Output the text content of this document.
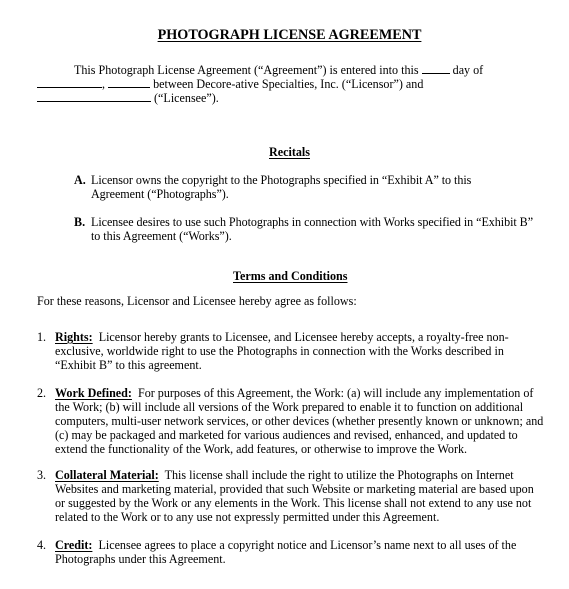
PHOTOGRAPH LICENSE AGREEMENT
This Photograph License Agreement (“Agreement”) is entered into this	day of
,	between Decore-ative Specialties, Inc. (“Licensor”) and
(“Licensee”).
Recitals
A. Licensor owns the copyright to the Photographs specified in “Exhibit A” to this
Agreement (“Photographs”).
B. Licensee desires to use such Photographs in connection with Works specified in “Exhibit B”
to this Agreement (“Works”).
Terms and Conditions
For these reasons, Licensor and Licensee hereby agree as follows:
1. Rights: Licensor hereby grants to Licensee, and Licensee hereby accepts, a royalty-free non-
exclusive, worldwide right to use the Photographs in connection with the Works described in
“Exhibit B” to this agreement.
2. Work Defined: For purposes of this Agreement, the Work: (a) will include any implementation of
the Work; (b) will include all versions of the Work prepared to enable it to function on additional
computers, multi-user network services, or other devices (whether presently known or unknown; and
(c) may be packaged and marketed for various audiences and revised, enhanced, and updated to
extend the functionality of the Work, add features, or otherwise to improve the Work.
3. Collateral Material: This license shall include the right to utilize the Photographs on Internet
Websites and marketing material, provided that such Website or marketing material are based upon
or suggested by the Work or any elements in the Work. This license shall not extend to any use not
related to the Work or to any use not expressly permitted under this Agreement.
4. Credit: Licensee agrees to place a copyright notice and Licensor’s name next to all uses of the
Photographs under this Agreement.
